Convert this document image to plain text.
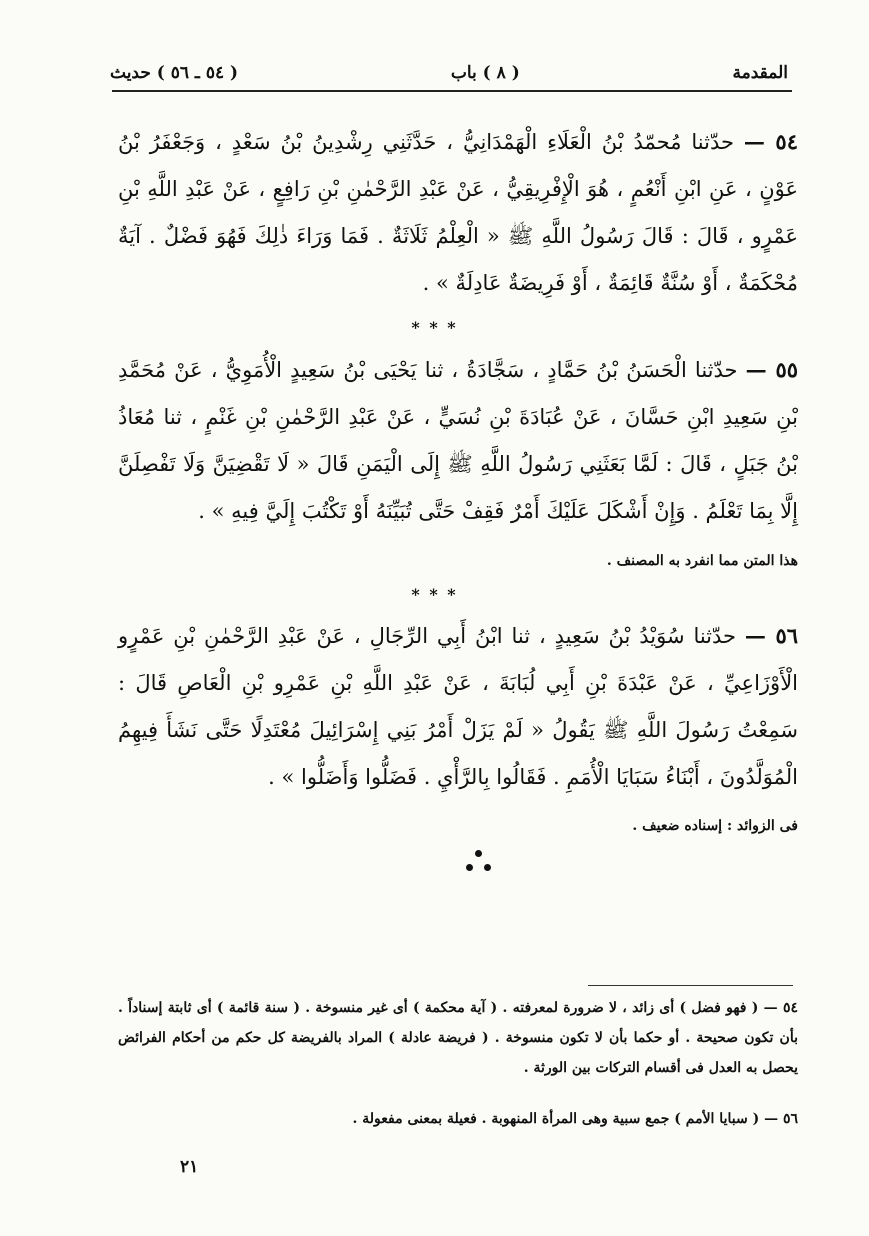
المقدمة
( ٨ ) باب
( ٥٤ ـ ٥٦ ) حديث
٥٤ — حدّثنا مُحمّدُ بْنُ الْعَلَاءِ الْهَمْدَانِيُّ ، حَدَّثَنِي رِشْدِينُ بْنُ سَعْدٍ ، وَجَعْفَرُ بْنُ عَوْنٍ ، عَنِ ابْنِ أَنْعُمٍ ، هُوَ الْإِفْرِيقِيُّ ، عَنْ عَبْدِ الرَّحْمٰنِ بْنِ رَافِعٍ ، عَنْ عَبْدِ اللَّهِ بْنِ عَمْرٍو ، قَالَ : قَالَ رَسُولُ اللَّهِ ﷺ « الْعِلْمُ ثَلَاثَةٌ . فَمَا وَرَاءَ ذٰلِكَ فَهُوَ فَضْلٌ . آيَةٌ مُحْكَمَةٌ ، أَوْ سُنَّةٌ قَائِمَةٌ ، أَوْ فَرِيضَةٌ عَادِلَةٌ » .
* * *
٥٥ — حدّثنا الْحَسَنُ بْنُ حَمَّادٍ ، سَجَّادَةُ ، ثنا يَحْيَى بْنُ سَعِيدٍ الْأُمَوِيُّ ، عَنْ مُحَمَّدِ بْنِ سَعِيدِ ابْنِ حَسَّانَ ، عَنْ عُبَادَةَ بْنِ نُسَيٍّ ، عَنْ عَبْدِ الرَّحْمٰنِ بْنِ غَنْمٍ ، ثنا مُعَاذُ بْنُ جَبَلٍ ، قَالَ : لَمَّا بَعَثَنِي رَسُولُ اللَّهِ ﷺ إِلَى الْيَمَنِ قَالَ « لَا تَقْضِيَنَّ وَلَا تَفْصِلَنَّ إِلَّا بِمَا تَعْلَمُ . وَإِنْ أَشْكَلَ عَلَيْكَ أَمْرٌ فَقِفْ حَتَّى تُبَيِّنَهُ أَوْ تَكْتُبَ إِلَيَّ فِيهِ » .
هذا المتن مما انفرد به المصنف .
* * *
٥٦ — حدّثنا سُوَيْدُ بْنُ سَعِيدٍ ، ثنا ابْنُ أَبِي الرِّجَالِ ، عَنْ عَبْدِ الرَّحْمٰنِ بْنِ عَمْرٍو الْأَوْزَاعِيِّ ، عَنْ عَبْدَةَ بْنِ أَبِي لُبَابَةَ ، عَنْ عَبْدِ اللَّهِ بْنِ عَمْرِو بْنِ الْعَاصِ قَالَ : سَمِعْتُ رَسُولَ اللَّهِ ﷺ يَقُولُ « لَمْ يَزَلْ أَمْرُ بَنِي إِسْرَائِيلَ مُعْتَدِلًا حَتَّى نَشَأَ فِيهِمُ الْمُوَلَّدُونَ ، أَبْنَاءُ سَبَايَا الْأُمَمِ . فَقَالُوا بِالرَّأْيِ . فَضَلُّوا وَأَضَلُّوا » .
فى الزوائد : إسناده ضعيف .
٥٤ — ( فهو فضل ) أى زائد ، لا ضرورة لمعرفته . ( آية محكمة ) أى غير منسوخة . ( سنة قائمة ) أى ثابتة إسناداً . بأن تكون صحيحة . أو حكما بأن لا تكون منسوخة . ( فريضة عادلة ) المراد بالفريضة كل حكم من أحكام الفرائض يحصل به العدل فى أقسام التركات بين الورثة .
٥٦ — ( سبايا الأمم ) جمع سبية وهى المرأة المنهوبة . فعيلة بمعنى مفعولة .
٢١
